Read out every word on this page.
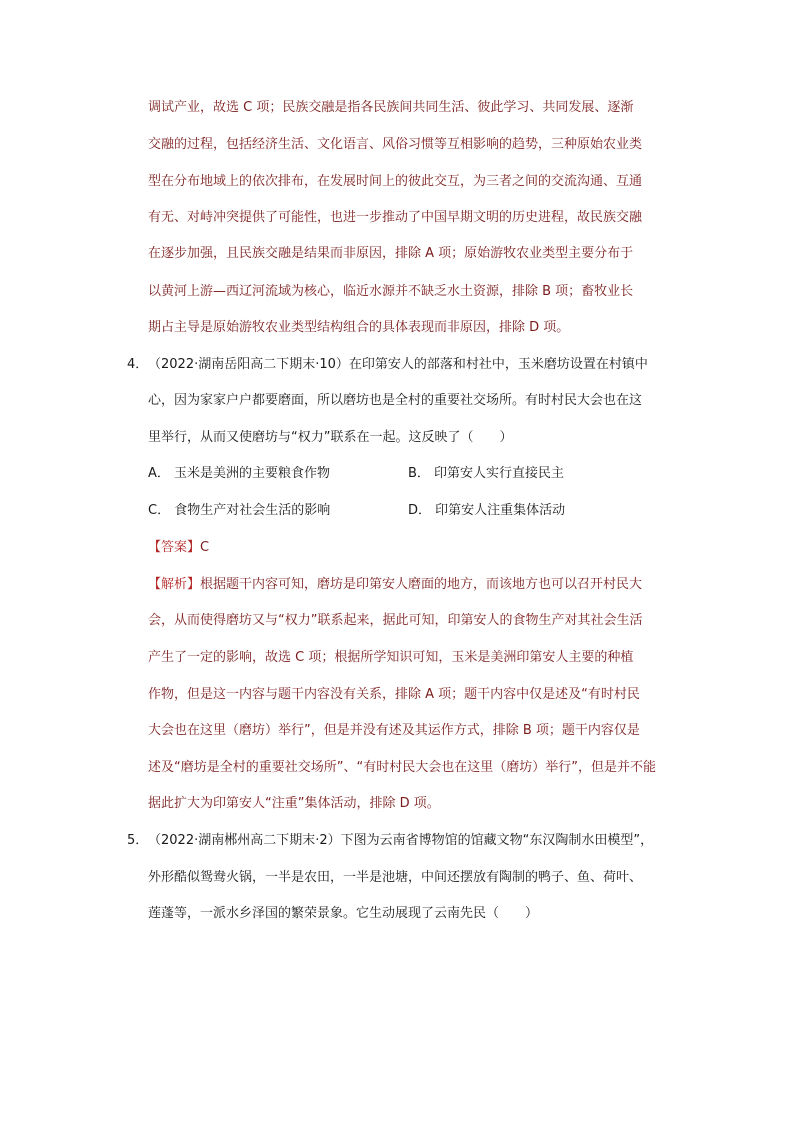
调试产业，故选 C 项；民族交融是指各民族间共同生活、彼此学习、共同发展、逐渐
交融的过程，包括经济生活、文化语言、风俗习惯等互相影响的趋势，三种原始农业类
型在分布地域上的依次排布，在发展时间上的彼此交互，为三者之间的交流沟通、互通
有无、对峙冲突提供了可能性，也进一步推动了中国早期文明的历史进程，故民族交融
在逐步加强，且民族交融是结果而非原因，排除 A 项；原始游牧农业类型主要分布于
以黄河上游—西辽河流域为核心，临近水源并不缺乏水土资源，排除 B 项；畜牧业长
期占主导是原始游牧农业类型结构组合的具体表现而非原因，排除 D 项。
4． （2022·湖南岳阳高二下期末·10）在印第安人的部落和村社中，玉米磨坊设置在村镇中
心，因为家家户户都要磨面，所以磨坊也是全村的重要社交场所。有时村民大会也在这
里举行，从而又使磨坊与“权力”联系在一起。这反映了（　　）
A． 玉米是美洲的主要粮食作物	B． 印第安人实行直接民主
C． 食物生产对社会生活的影响	D． 印第安人注重集体活动
【答案】C
【解析】根据题干内容可知，磨坊是印第安人磨面的地方，而该地方也可以召开村民大
会，从而使得磨坊又与“权力”联系起来，据此可知，印第安人的食物生产对其社会生活
产生了一定的影响，故选 C 项；根据所学知识可知，玉米是美洲印第安人主要的种植
作物，但是这一内容与题干内容没有关系，排除 A 项；题干内容中仅是述及“有时村民
大会也在这里（磨坊）举行”，但是并没有述及其运作方式，排除 B 项；题干内容仅是
述及“磨坊是全村的重要社交场所”、“有时村民大会也在这里（磨坊）举行”，但是并不能
据此扩大为印第安人“注重”集体活动，排除 D 项。
5． （2022·湖南郴州高二下期末·2）下图为云南省博物馆的馆藏文物“东汉陶制水田模型”，
外形酷似鸳鸯火锅，一半是农田，一半是池塘，中间还摆放有陶制的鸭子、鱼、荷叶、
莲蓬等，一派水乡泽国的繁荣景象。它生动展现了云南先民（　　）
